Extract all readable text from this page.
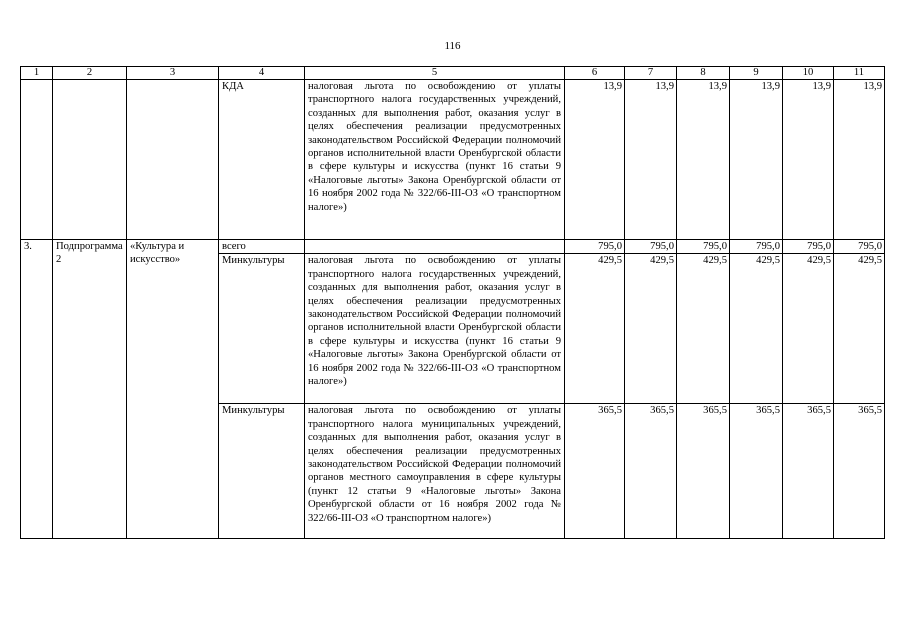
116
1	2	3	4	5	6	7	8	9	10	11
			КДА	налоговая льгота по освобождению от уплаты транспортного налога государственных учреждений, созданных для выполнения работ, оказания услуг в целях обеспечения реализации предусмотренных законодательством Российской Федерации полномочий органов исполнительной власти Оренбургской области в сфере культуры и искусства (пункт 16 статьи 9 «Налоговые льготы» Закона Оренбургской области от 16 ноября 2002 года № 322/66-III-ОЗ «О транспортном налоге»)	13,9	13,9	13,9	13,9	13,9	13,9
3.	Подпрограмма 2	«Культура и искусство»	всего		795,0	795,0	795,0	795,0	795,0	795,0
			Минкультуры	налоговая льгота по освобождению от уплаты транспортного налога государственных учреждений, созданных для выполнения работ, оказания услуг в целях обеспечения реализации предусмотренных законодательством Российской Федерации полномочий органов исполнительной власти Оренбургской области в сфере культуры и искусства (пункт 16 статьи 9 «Налоговые льготы» Закона Оренбургской области от 16 ноября 2002 года № 322/66-III-ОЗ «О транспортном налоге»)	429,5	429,5	429,5	429,5	429,5	429,5
			Минкультуры	налоговая льгота по освобождению от уплаты транспортного налога муниципальных учреждений, созданных для выполнения работ, оказания услуг в целях обеспечения реализации предусмотренных законодательством Российской Федерации полномочий органов местного самоуправления в сфере культуры (пункт 12 статьи 9 «Налоговые льготы» Закона Оренбургской области от 16 ноября 2002 года № 322/66-III-ОЗ «О транспортном налоге»)	365,5	365,5	365,5	365,5	365,5	365,5
